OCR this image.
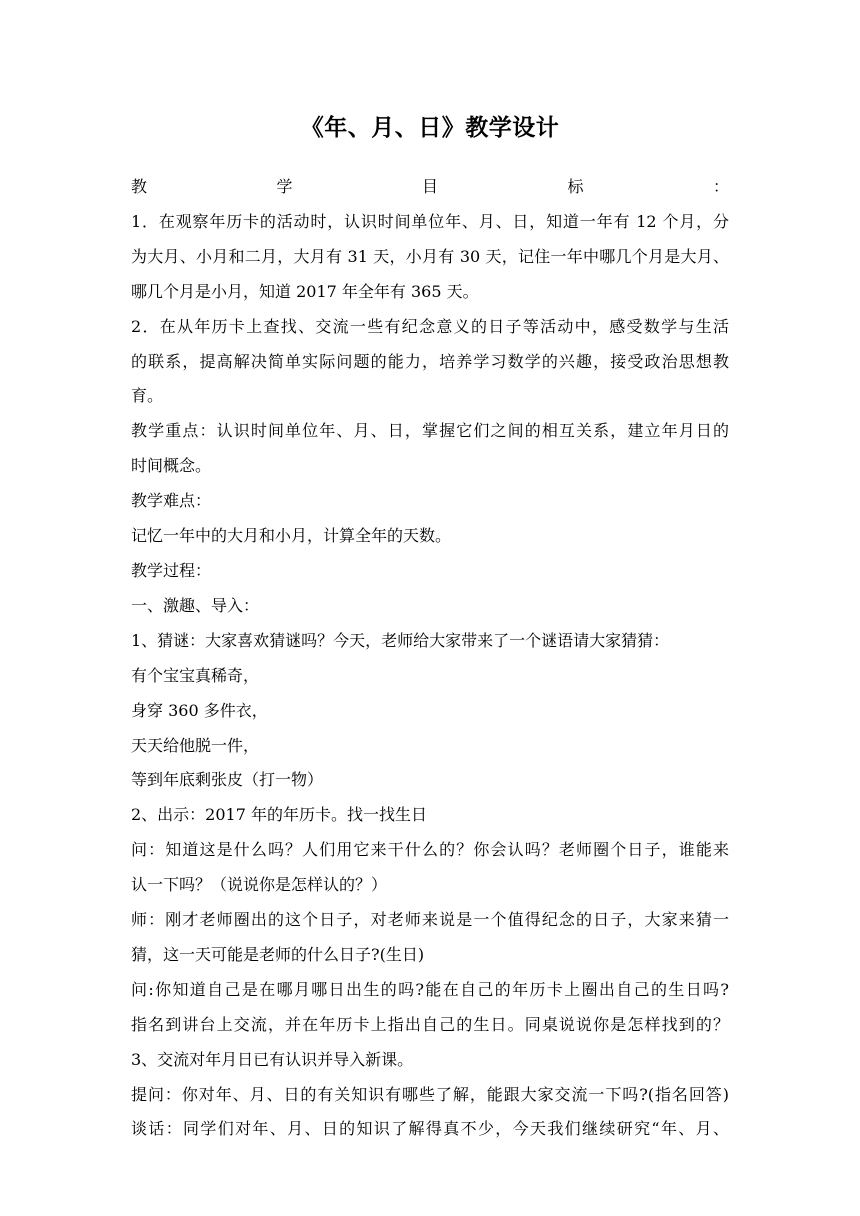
《年、月、日》教学设计

教学目标：

1．在观察年历卡的活动时，认识时间单位年、月、日，知道一年有 12 个月，分

为大月、小月和二月，大月有 31 天，小月有 30 天，记住一年中哪几个月是大月、

哪几个月是小月，知道 2017 年全年有 365 天。

2．在从年历卡上查找、交流一些有纪念意义的日子等活动中，感受数学与生活

的联系，提高解决简单实际问题的能力，培养学习数学的兴趣，接受政治思想教

育。

教学重点：认识时间单位年、月、日，掌握它们之间的相互关系，建立年月日的

时间概念。

教学难点：

记忆一年中的大月和小月，计算全年的天数。

教学过程：

一、激趣、导入：

1、猜谜：大家喜欢猜谜吗？今天，老师给大家带来了一个谜语请大家猜猜：

有个宝宝真稀奇，

身穿 360 多件衣，

天天给他脱一件，

等到年底剩张皮（打一物）

2、出示：2017 年的年历卡。找一找生日

问：知道这是什么吗？人们用它来干什么的？你会认吗？老师圈个日子，谁能来

认一下吗？（说说你是怎样认的？）

师：刚才老师圈出的这个日子，对老师来说是一个值得纪念的日子，大家来猜一

猜，这一天可能是老师的什么日子?(生日)

问:你知道自己是在哪月哪日出生的吗?能在自己的年历卡上圈出自己的生日吗?

指名到讲台上交流，并在年历卡上指出自己的生日。同桌说说你是怎样找到的？

3、交流对年月日已有认识并导入新课。

提问：你对年、月、日的有关知识有哪些了解，能跟大家交流一下吗?(指名回答)

谈话：同学们对年、月、日的知识了解得真不少，今天我们继续研究“年、月、
